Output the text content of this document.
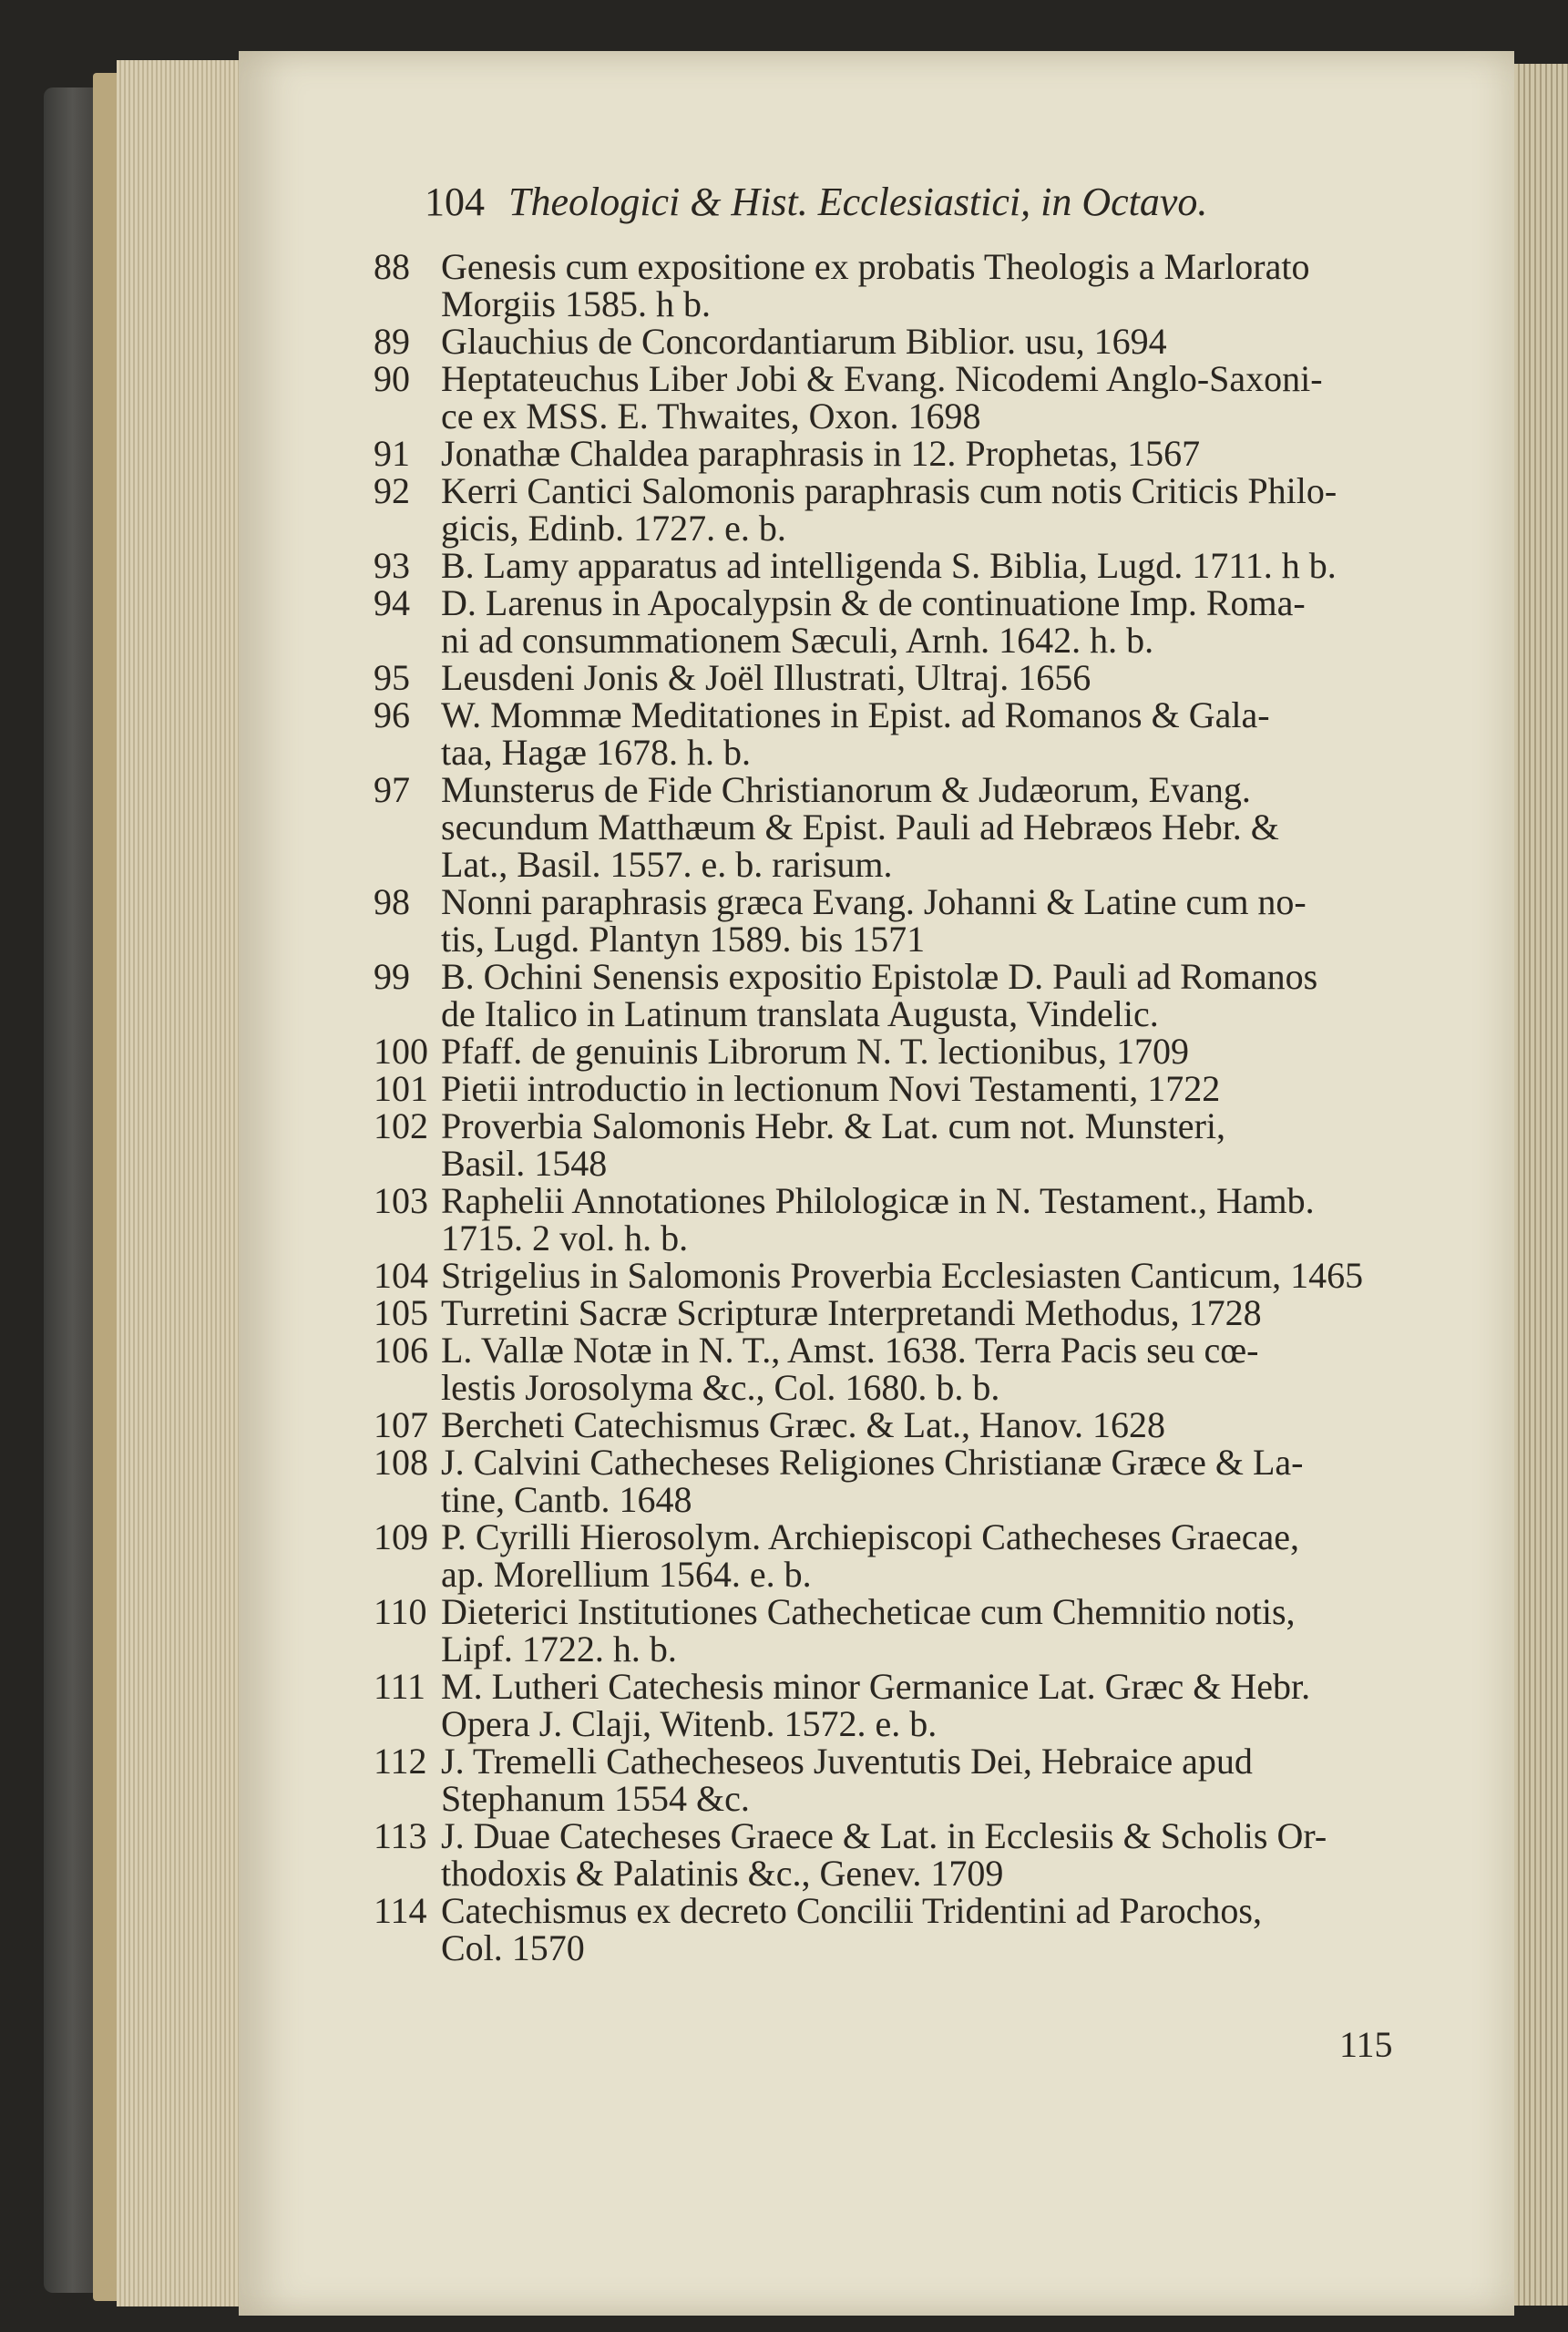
104 Theologici & Hist. Ecclesiastici, in Octavo.
88 Genesis cum expositione ex probatis Theologis a Marlorato
Morgiis 1585. h b.
89 Glauchius de Concordantiarum Biblior. usu, 1694
90 Heptateuchus Liber Jobi & Evang. Nicodemi Anglo-Saxoni-
ce ex MSS. E. Thwaites, Oxon. 1698
91 Jonathæ Chaldea paraphrasis in 12. Prophetas, 1567
92 Kerri Cantici Salomonis paraphrasis cum notis Criticis Philo-
gicis, Edinb. 1727. e. b.
93 B. Lamy apparatus ad intelligenda S. Biblia, Lugd. 1711. h b.
94 D. Larenus in Apocalypsin & de continuatione Imp. Roma-
ni ad consummationem Sæculi, Arnh. 1642. h. b.
95 Leusdeni Jonis & Joël Illustrati, Ultraj. 1656
96 W. Mommæ Meditationes in Epist. ad Romanos & Gala-
taa, Hagæ 1678. h. b.
97 Munsterus de Fide Christianorum & Judæorum, Evang.
secundum Matthæum & Epist. Pauli ad Hebræos Hebr. &
Lat., Basil. 1557. e. b. rarisum.
98 Nonni paraphrasis græca Evang. Johanni & Latine cum no-
tis, Lugd. Plantyn 1589. bis 1571
99 B. Ochini Senensis expositio Epistolæ D. Pauli ad Romanos
de Italico in Latinum translata Augusta, Vindelic.
100 Pfaff. de genuinis Librorum N. T. lectionibus, 1709
101 Pietii introductio in lectionum Novi Testamenti, 1722
102 Proverbia Salomonis Hebr. & Lat. cum not. Munsteri,
Basil. 1548
103 Raphelii Annotationes Philologicæ in N. Testament., Hamb.
1715. 2 vol. h. b.
104 Strigelius in Salomonis Proverbia Ecclesiasten Canticum, 1465
105 Turretini Sacræ Scripturæ Interpretandi Methodus, 1728
106 L. Vallæ Notæ in N. T., Amst. 1638. Terra Pacis seu cœ-
lestis Jorosolyma &c., Col. 1680. b. b.
107 Bercheti Catechismus Græc. & Lat., Hanov. 1628
108 J. Calvini Cathecheses Religiones Christianæ Græce & La-
tine, Cantb. 1648
109 P. Cyrilli Hierosolym. Archiepiscopi Cathecheses Graecae,
ap. Morellium 1564. e. b.
110 Dieterici Institutiones Cathecheticae cum Chemnitio notis,
Lipf. 1722. h. b.
111 M. Lutheri Catechesis minor Germanice Lat. Græc & Hebr.
Opera J. Claji, Witenb. 1572. e. b.
112 J. Tremelli Cathecheseos Juventutis Dei, Hebraice apud
Stephanum 1554 &c.
113 J. Duae Catecheses Graece & Lat. in Ecclesiis & Scholis Or-
thodoxis & Palatinis &c., Genev. 1709
114 Catechismus ex decreto Concilii Tridentini ad Parochos,
Col. 1570
115
